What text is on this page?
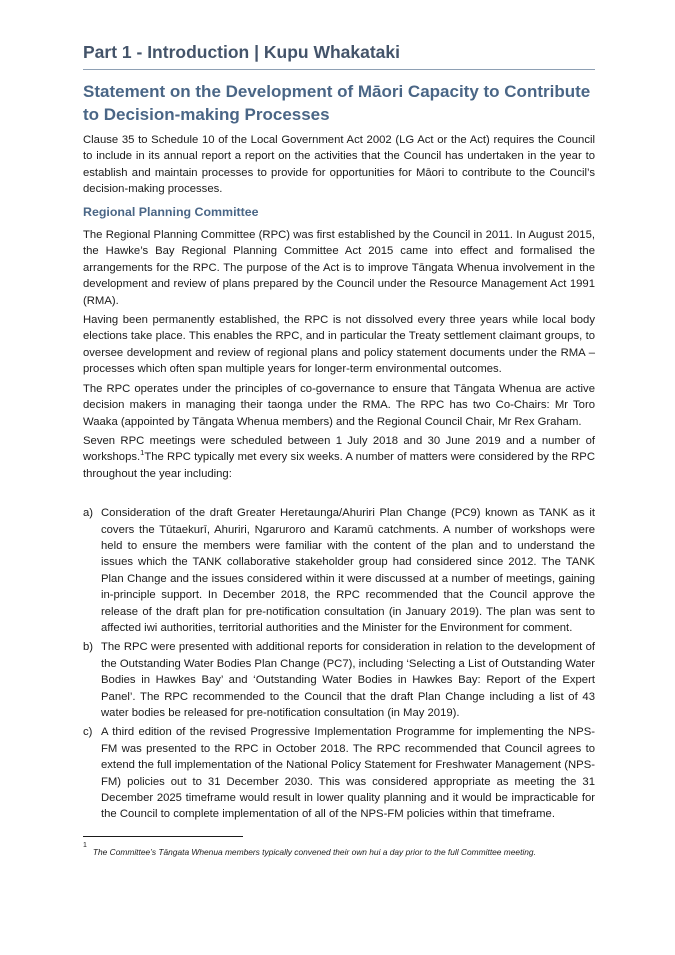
Part 1 - Introduction | Kupu Whakataki
Statement on the Development of Māori Capacity to Contribute to Decision-making Processes

Clause 35 to Schedule 10 of the Local Government Act 2002 (LG Act or the Act) requires the Council to include in its annual report a report on the activities that the Council has undertaken in the year to establish and maintain processes to provide for opportunities for Māori to contribute to the Council’s decision-making processes.

Regional Planning Committee

The Regional Planning Committee (RPC) was first established by the Council in 2011. In August 2015, the Hawke’s Bay Regional Planning Committee Act 2015 came into effect and formalised the arrangements for the RPC. The purpose of the Act is to improve Tāngata Whenua involvement in the development and review of plans prepared by the Council under the Resource Management Act 1991 (RMA).

Having been permanently established, the RPC is not dissolved every three years while local body elections take place. This enables the RPC, and in particular the Treaty settlement claimant groups, to oversee development and review of regional plans and policy statement documents under the RMA – processes which often span multiple years for longer-term environmental outcomes.

The RPC operates under the principles of co-governance to ensure that Tāngata Whenua are active decision makers in managing their taonga under the RMA. The RPC has two Co-Chairs: Mr Toro Waaka (appointed by Tāngata Whenua members) and the Regional Council Chair, Mr Rex Graham.

Seven RPC meetings were scheduled between 1 July 2018 and 30 June 2019 and a number of workshops.$^1$The RPC typically met every six weeks. A number of matters were considered by the RPC throughout the year including:

a) Consideration of the draft Greater Heretaunga/Ahuriri Plan Change (PC9) known as TANK as it covers the Tūtaekurī, Ahuriri, Ngaruroro and Karamū catchments. A number of workshops were held to ensure the members were familiar with the content of the plan and to understand the issues which the TANK collaborative stakeholder group had considered since 2012. The TANK Plan Change and the issues considered within it were discussed at a number of meetings, gaining in-principle support. In December 2018, the RPC recommended that the Council approve the release of the draft plan for pre-notification consultation (in January 2019). The plan was sent to affected iwi authorities, territorial authorities and the Minister for the Environment for comment.
b) The RPC were presented with additional reports for consideration in relation to the development of the Outstanding Water Bodies Plan Change (PC7), including ‘Selecting a List of Outstanding Water Bodies in Hawkes Bay’ and ‘Outstanding Water Bodies in Hawkes Bay: Report of the Expert Panel’. The RPC recommended to the Council that the draft Plan Change including a list of 43 water bodies be released for pre-notification consultation (in May 2019).
c) A third edition of the revised Progressive Implementation Programme for implementing the NPS-FM was presented to the RPC in October 2018. The RPC recommended that Council agrees to extend the full implementation of the National Policy Statement for Freshwater Management (NPS-FM) policies out to 31 December 2030. This was considered appropriate as meeting the 31 December 2025 timeframe would result in lower quality planning and it would be impracticable for the Council to complete implementation of all of the NPS-FM policies within that timeframe.
$^1$The Committee’s Tāngata Whenua members typically convened their own hui a day prior to the full Committee meeting.
